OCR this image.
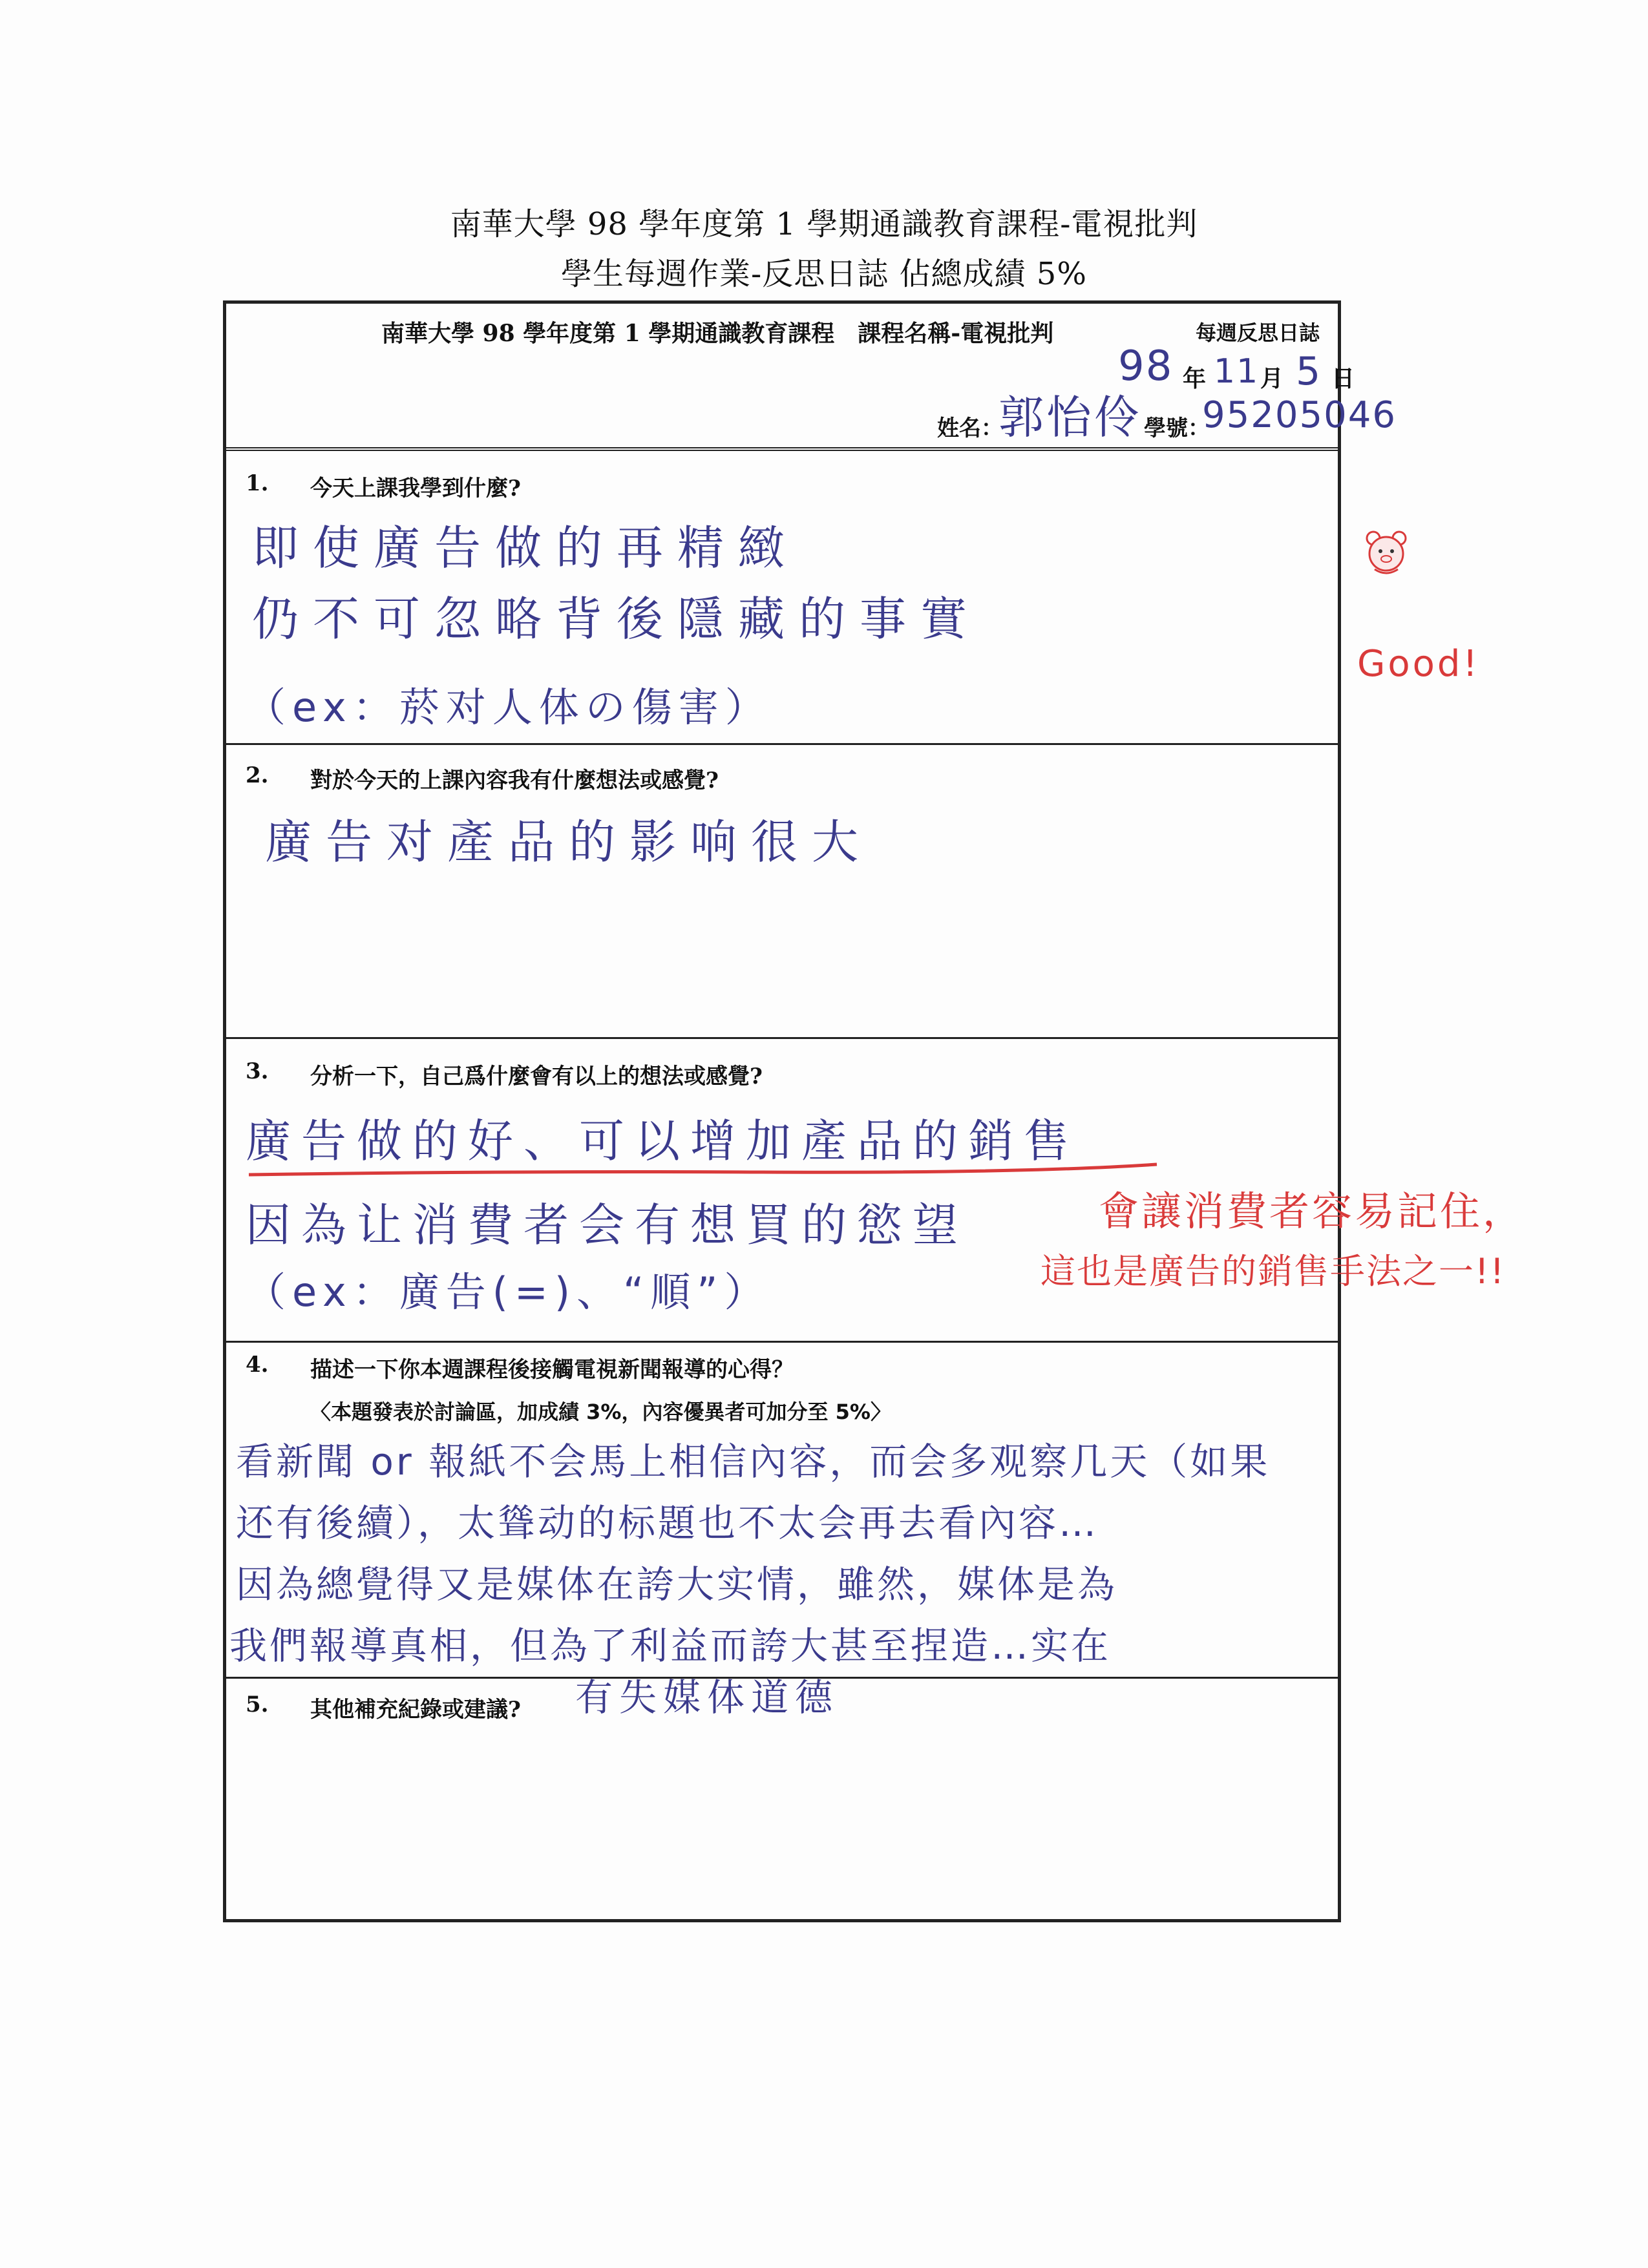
南華大學 98 學年度第 1 學期通識教育課程-電視批判
學生每週作業-反思日誌 佔總成績 5%
南華大學 98 學年度第 1 學期通識教育課程　課程名稱-電視批判	每週反思日誌
98 年 11 月 5 日
姓名：
郭怡伶 學號：
95205046
1. 今天上課我學到什麼?
即使廣告做的再精緻
仍不可忽略背後隱藏的事實
（ex：菸对人体の傷害）
2. 對於今天的上課內容我有什麼想法或感覺?
廣告对產品的影响很大
3. 分析一下，自己爲什麼會有以上的想法或感覺?
廣告做的好、可以增加產品的銷售
因為让消費者会有想買的慾望
（ex：廣告(=)、“順”）
4. 描述一下你本週課程後接觸電視新聞報導的心得？
〈本題發表於討論區，加成績 3%，內容優異者可加分至 5%〉
看新聞 or 報紙不会馬上相信內容，而会多观察几天（如果
还有後續），太聳动的标題也不太会再去看內容…
因為總覺得又是媒体在誇大实情，雖然，媒体是為
我們報導真相，但為了利益而誇大甚至捏造…实在
有失媒体道德
5. 其他補充紀錄或建議?
Good!
會讓消費者容易記住，
這也是廣告的銷售手法之一!!
